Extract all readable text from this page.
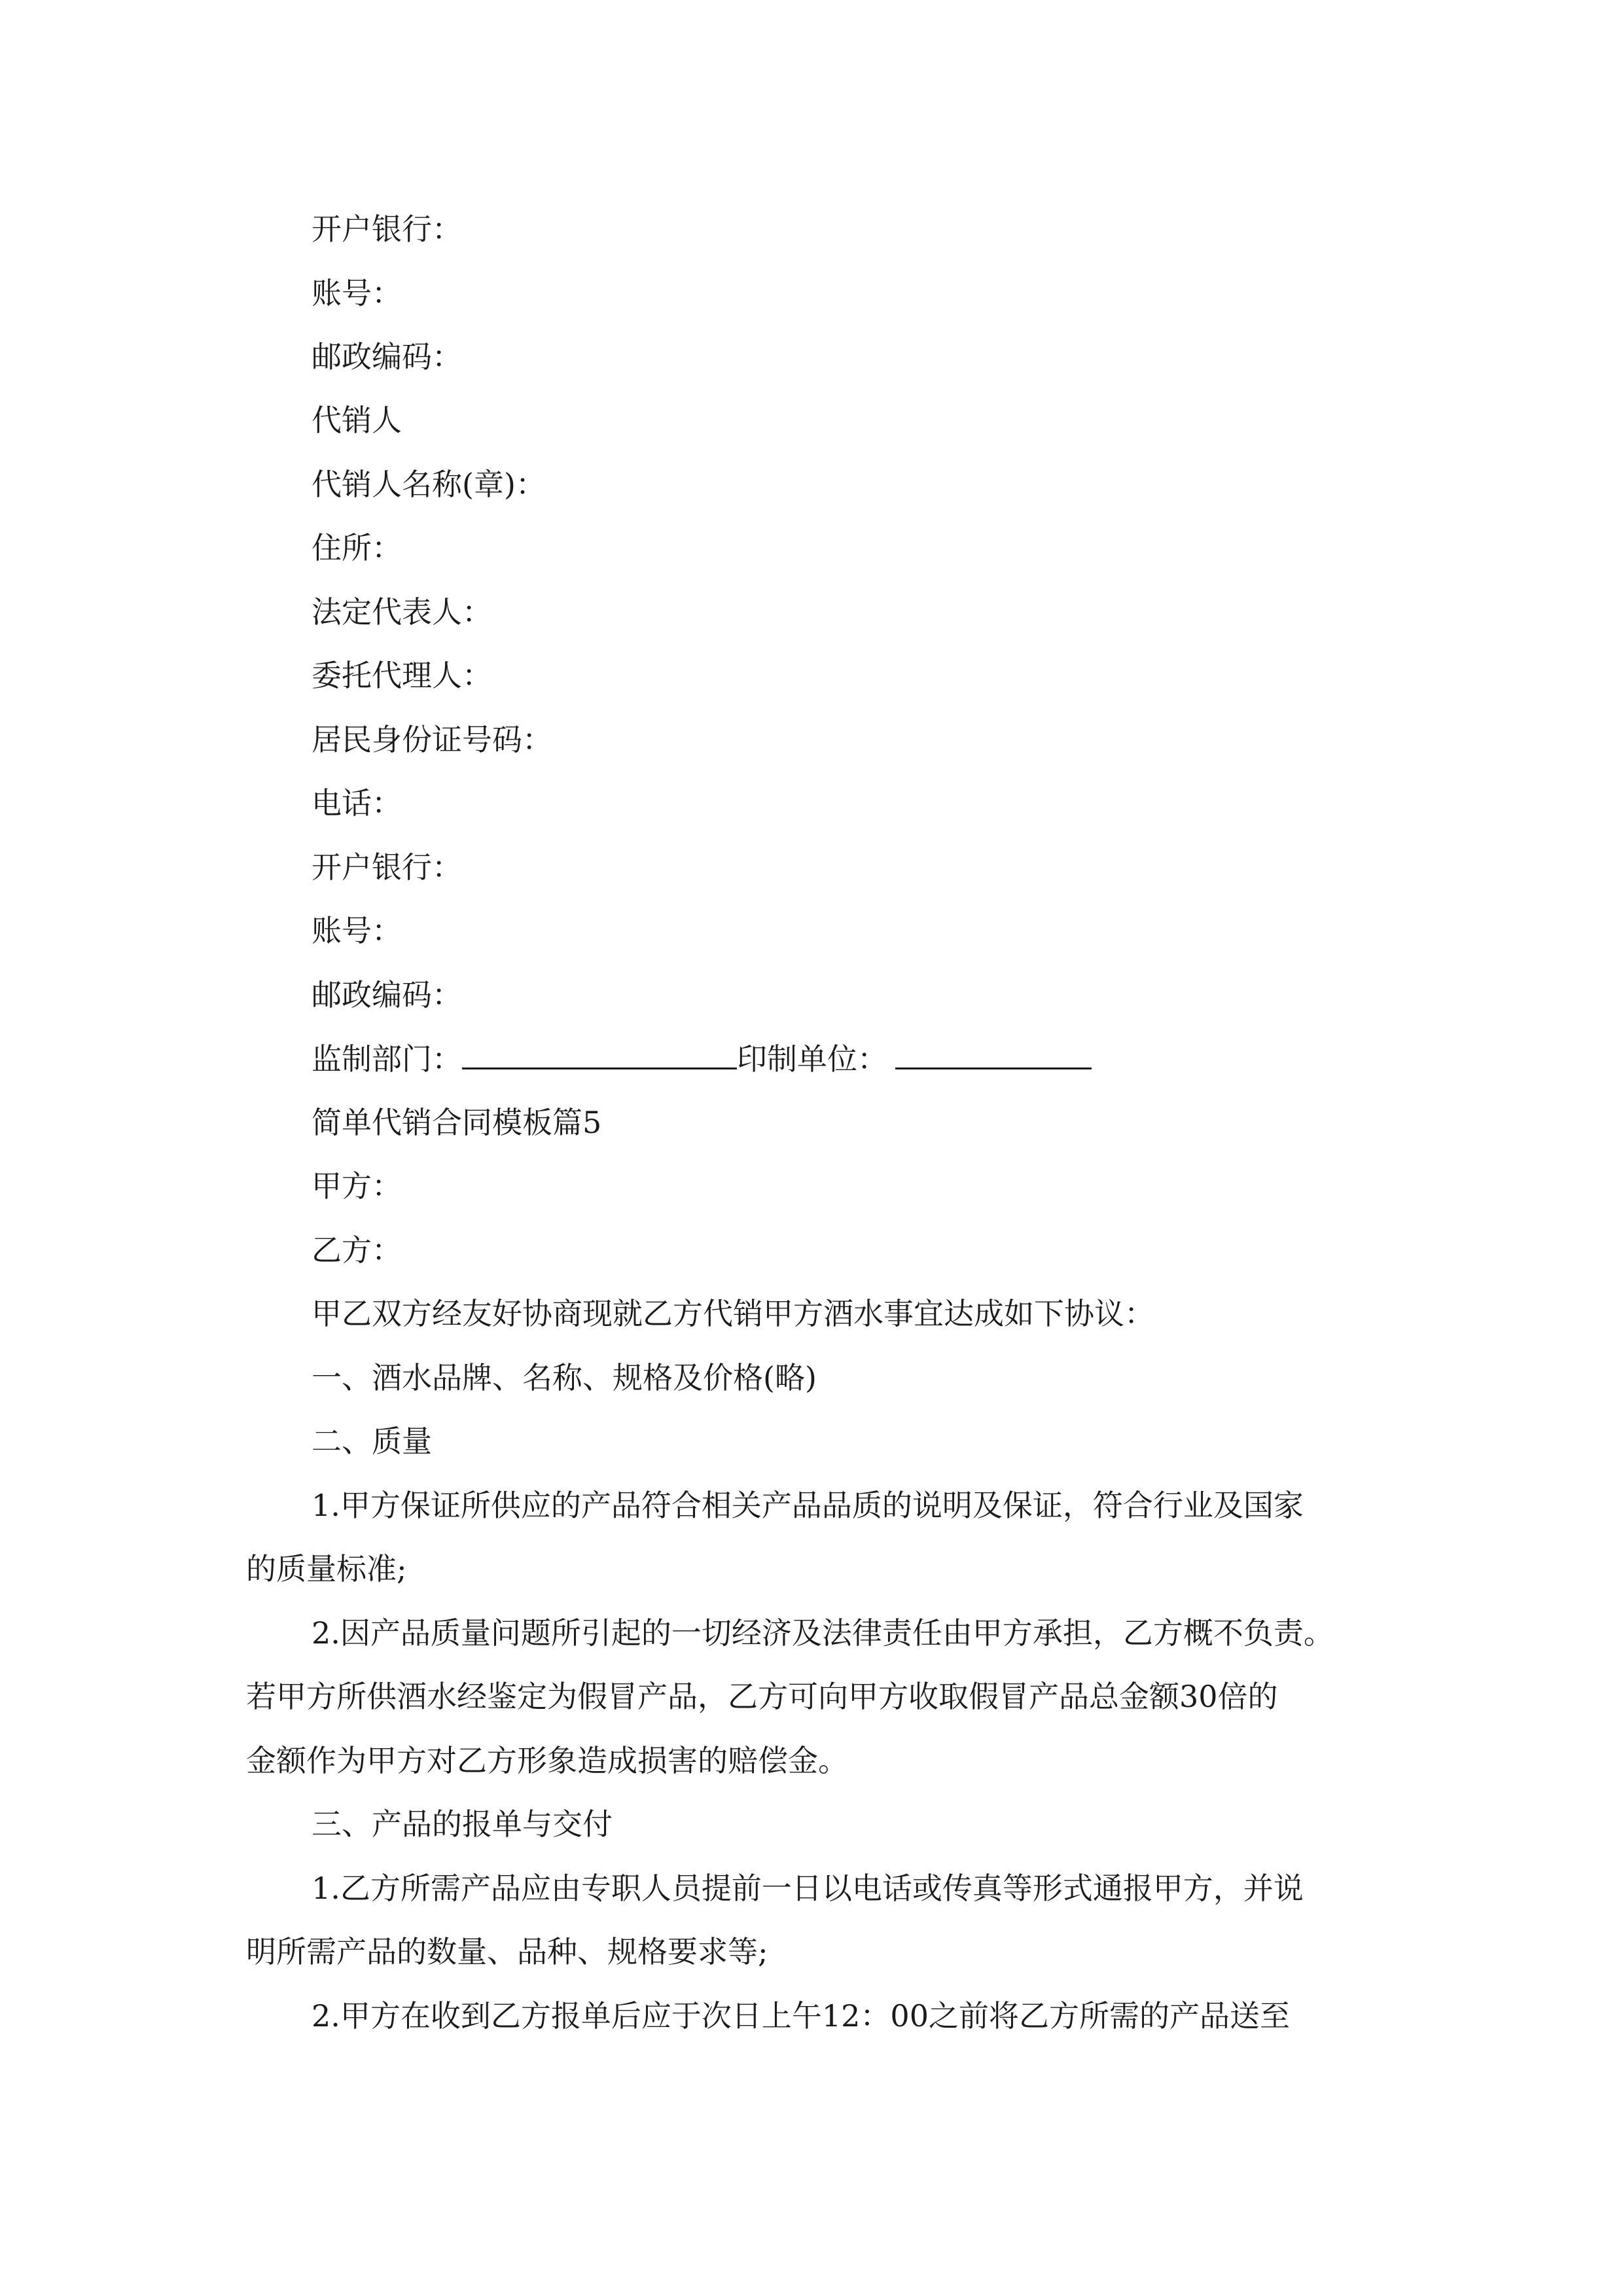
开户银行：
账号：
邮政编码：
代销人
代销人名称(章)：
住所：
法定代表人：
委托代理人：
居民身份证号码：
电话：
开户银行：
账号：
邮政编码：
监制部门：	印制单位：
简单代销合同模板篇5
甲方：
乙方：
甲乙双方经友好协商现就乙方代销甲方酒水事宜达成如下协议：
一、酒水品牌、名称、规格及价格(略)
二、质量
1.甲方保证所供应的产品符合相关产品品质的说明及保证，符合行业及国家
的质量标准;
2.因产品质量问题所引起的一切经济及法律责任由甲方承担，乙方概不负责。
若甲方所供酒水经鉴定为假冒产品，乙方可向甲方收取假冒产品总金额30倍的
金额作为甲方对乙方形象造成损害的赔偿金。
三、产品的报单与交付
1.乙方所需产品应由专职人员提前一日以电话或传真等形式通报甲方，并说
明所需产品的数量、品种、规格要求等;
2.甲方在收到乙方报单后应于次日上午12：00之前将乙方所需的产品送至
